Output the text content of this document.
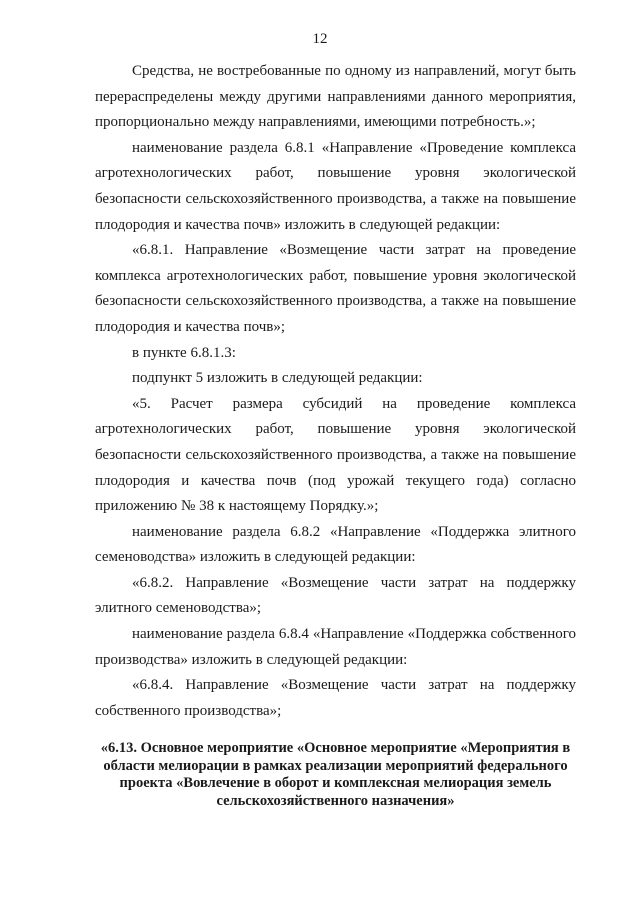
12

Средства, не востребованные по одному из направлений, могут быть перераспределены между другими направлениями данного мероприятия, пропорционально между направлениями, имеющими потребность.»;

наименование раздела 6.8.1 «Направление «Проведение комплекса агротехнологических работ, повышение уровня экологической безопасности сельскохозяйственного производства, а также на повышение плодородия и качества почв» изложить в следующей редакции:

«6.8.1. Направление «Возмещение части затрат на проведение комплекса агротехнологических работ, повышение уровня экологической безопасности сельскохозяйственного производства, а также на повышение плодородия и качества почв»;

в пункте 6.8.1.3:

подпункт 5 изложить в следующей редакции:

«5. Расчет размера субсидий на проведение комплекса агротехнологических работ, повышение уровня экологической безопасности сельскохозяйственного производства, а также на повышение плодородия и качества почв (под урожай текущего года) согласно приложению № 38 к настоящему Порядку.»;

наименование раздела 6.8.2 «Направление «Поддержка элитного семеноводства» изложить в следующей редакции:

«6.8.2. Направление «Возмещение части затрат на поддержку элитного семеноводства»;

наименование раздела 6.8.4 «Направление «Поддержка собственного производства» изложить в следующей редакции:

«6.8.4. Направление «Возмещение части затрат на поддержку собственного производства»;

«6.13. Основное мероприятие «Основное мероприятие «Мероприятия в области мелиорации в рамках реализации мероприятий федерального проекта «Вовлечение в оборот и комплексная мелиорация земель сельскохозяйственного назначения»
